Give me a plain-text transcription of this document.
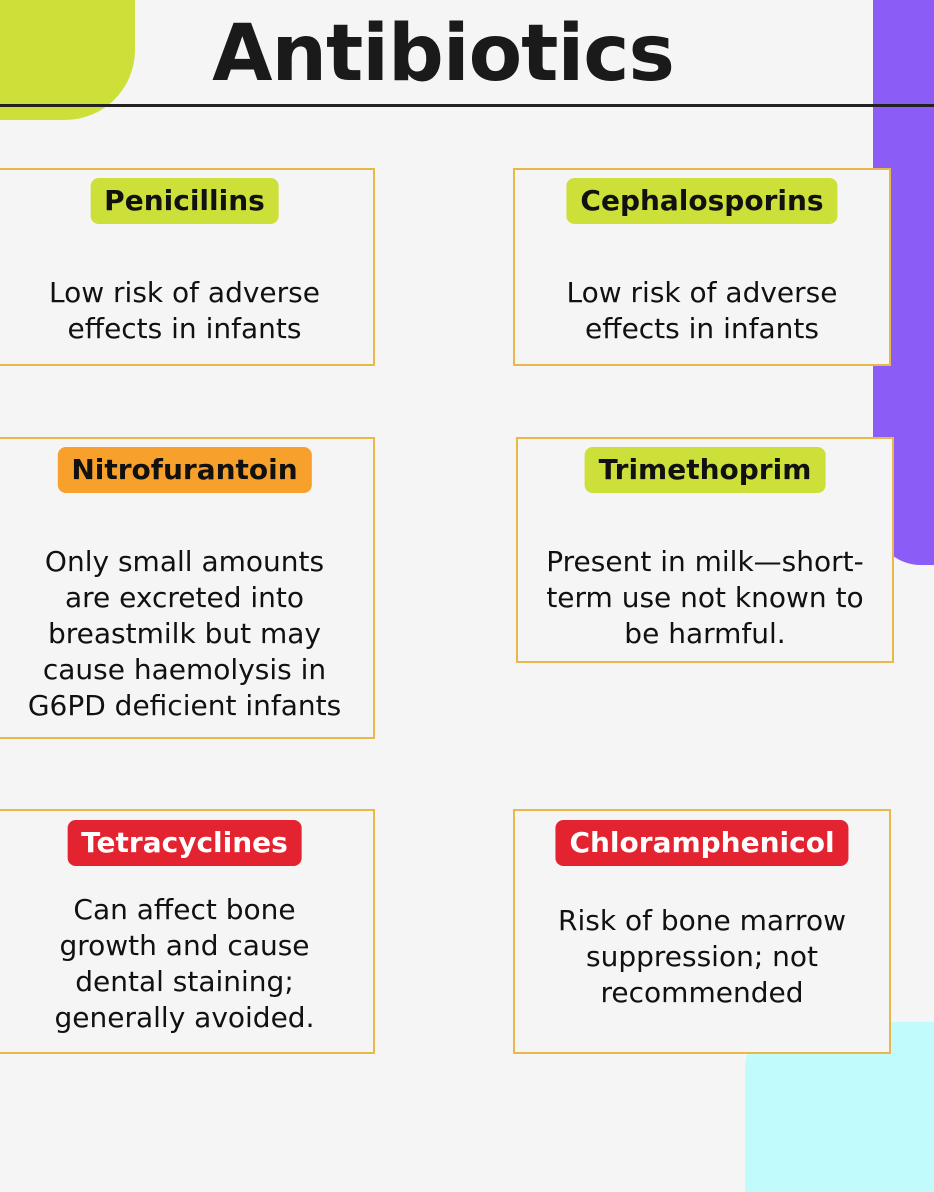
Antibiotics
Penicillins
Low risk of adverse
effects in infants
Cephalosporins
Low risk of adverse
effects in infants
Nitrofurantoin
Only small amounts
are excreted into
breastmilk but may
cause haemolysis in
G6PD deficient infants
Trimethoprim
Present in milk—short-
term use not known to
be harmful.
Tetracyclines
Can affect bone
growth and cause
dental staining;
generally avoided.
Chloramphenicol
Risk of bone marrow
suppression; not
recommended
